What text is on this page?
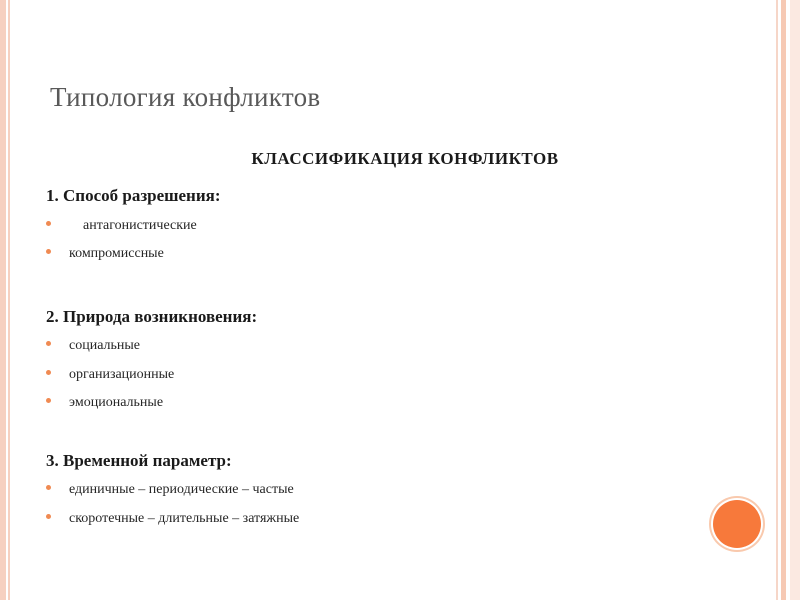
Типология конфликтов
КЛАССИФИКАЦИЯ КОНФЛИКТОВ
1. Способ разрешения:
антагонистические
компромиссные
2. Природа возникновения:
социальные
организационные
эмоциональные
3. Временной параметр:
единичные – периодические – частые
скоротечные – длительные – затяжные
